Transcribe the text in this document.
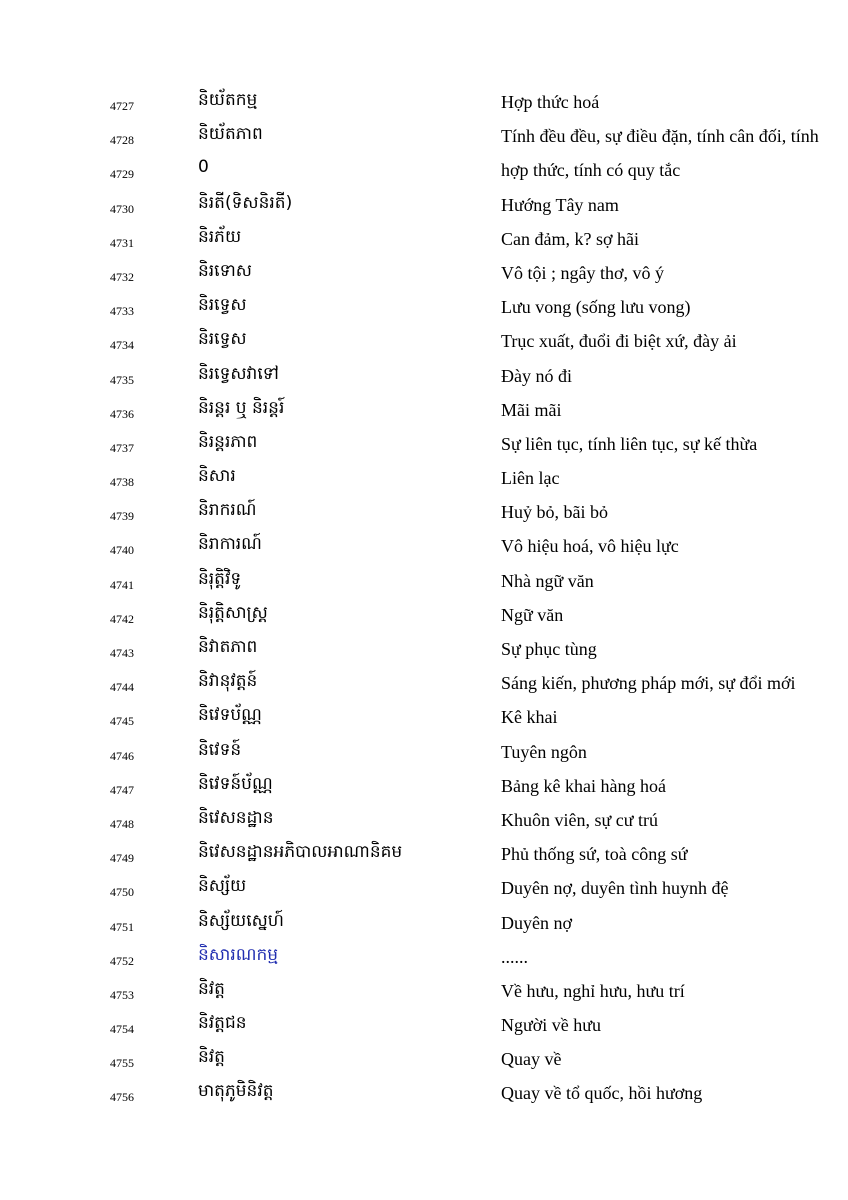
4727	និយ័តកម្ម	Hợp thức hoá
4728	និយ័តភាព	Tính đều đều, sự điều đặn, tính cân đối, tính
4729	0	hợp thức, tính có quy tắc
4730	និរតី(ទិសនិរតី)	Hướng Tây nam
4731	និរភ័យ	Can đảm, k? sợ hãi
4732	និរទោស	Vô tội ; ngây thơ, vô ý
4733	និរទ្វេស	Lưu vong (sống lưu vong)
4734	និរទ្វេស	Trục xuất, đuổi đi biệt xứ, đày ải
4735	និរទ្វេសវាទៅ	Đày nó đi
4736	និរន្តរ ឬ និរន្តរ៍	Mãi mãi
4737	និរន្តរភាព	Sự liên tục, tính liên tục, sự kế thừa
4738	និសារ	Liên lạc
4739	និរាករណ៍	Huỷ bỏ, bãi bỏ
4740	និរាការណ៍	Vô hiệu hoá, vô hiệu lực
4741	និរុត្តិវិទូ	Nhà ngữ văn
4742	និរុត្តិសាស្ត្រ	Ngữ văn
4743	និវាតភាព	Sự phục tùng
4744	និវានុវត្តន៍	Sáng kiến, phương pháp mới, sự đổi mới
4745	និវេទប័ណ្ណ	Kê khai
4746	និវេទន៍	Tuyên ngôn
4747	និវេទន៍ប័ណ្ណ	Bảng kê khai hàng hoá
4748	និវេសនដ្ឋាន	Khuôn viên, sự cư trú
4749	និវេសនដ្ឋានអភិបាលអាណានិគម	Phủ thống sứ, toà công sứ
4750	និស្ស័យ	Duyên nợ, duyên tình huynh đệ
4751	និស្ស័យស្នេហ៍	Duyên nợ
4752	និសារណកម្ម	......
4753	និវត្ត	Về hưu, nghỉ hưu, hưu trí
4754	និវត្តជន	Người về hưu
4755	និវត្ត	Quay về
4756	មាតុភូមិនិវត្ត	Quay về tổ quốc, hồi hương
